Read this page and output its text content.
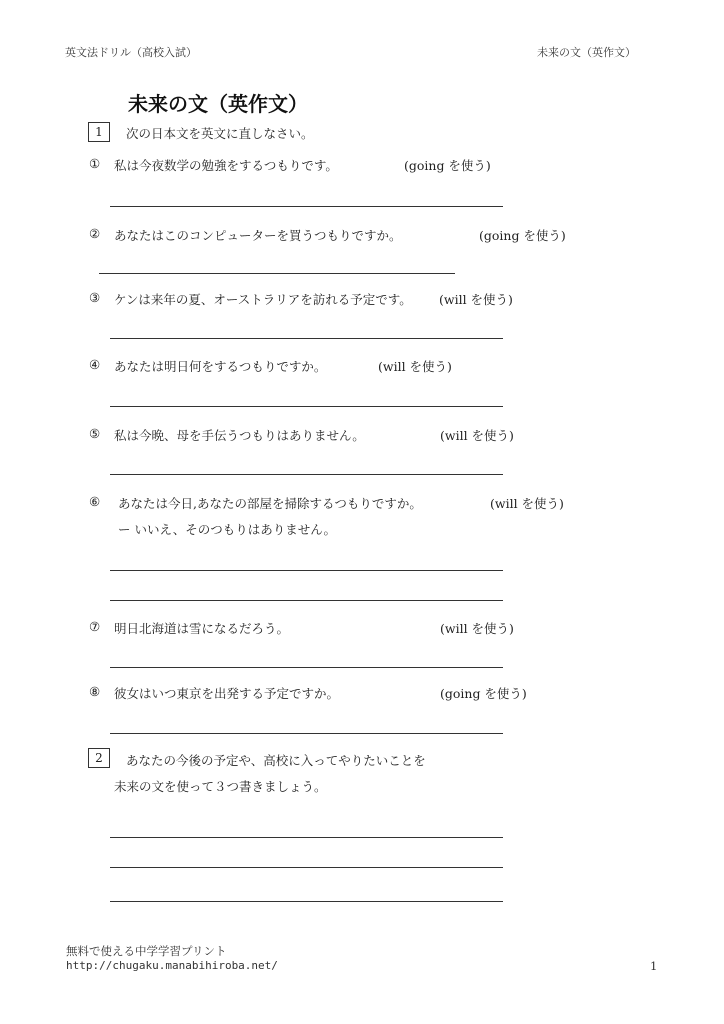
英文法ドリル（高校入試）	未来の文（英作文）
未来の文（英作文）
1	次の日本文を英文に直しなさい。
① 私は今夜数学の勉強をするつもりです。	(going を使う)
② あなたはこのコンピューターを買うつもりですか。	(going を使う)
③ ケンは来年の夏、オーストラリアを訪れる予定です。 (will を使う)
④ あなたは明日何をするつもりですか。	(will を使う)
⑤ 私は今晩、母を手伝うつもりはありません。	(will を使う)
⑥ あなたは今日,あなたの部屋を掃除するつもりですか。	(will を使う)
ー いいえ、そのつもりはありません。
⑦ 明日北海道は雪になるだろう。	(will を使う)
⑧ 彼女はいつ東京を出発する予定ですか。	(going を使う)
2	あなたの今後の予定や、高校に入ってやりたいことを
未来の文を使って３つ書きましょう。
無料で使える中学学習プリント
http://chugaku.manabihiroba.net/	1
